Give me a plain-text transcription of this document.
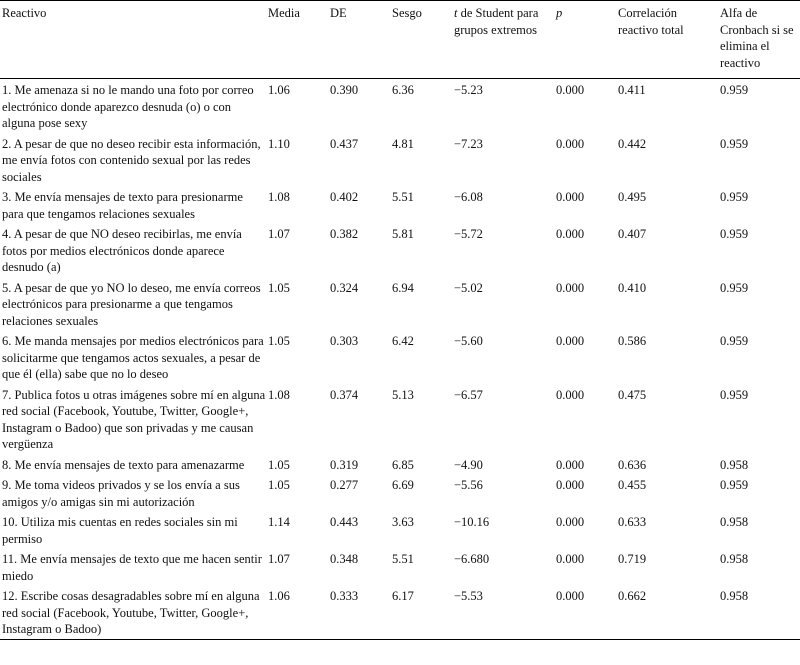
Reactivo	Media	DE	Sesgo	t de Student para grupos extremos	p	Correlación reactivo total	Alfa de Cronbach si se elimina el reactivo
1. Me amenaza si no le mando una foto por correo electrónico donde aparezco desnuda (o) o con alguna pose sexy	1.06	0.390	6.36	−5.23	0.000	0.411	0.959
2. A pesar de que no deseo recibir esta información, me envía fotos con contenido sexual por las redes sociales	1.10	0.437	4.81	−7.23	0.000	0.442	0.959
3. Me envía mensajes de texto para presionarme para que tengamos relaciones sexuales	1.08	0.402	5.51	−6.08	0.000	0.495	0.959
4. A pesar de que NO deseo recibirlas, me envía fotos por medios electrónicos donde aparece desnudo (a)	1.07	0.382	5.81	−5.72	0.000	0.407	0.959
5. A pesar de que yo NO lo deseo, me envía correos electrónicos para presionarme a que tengamos relaciones sexuales	1.05	0.324	6.94	−5.02	0.000	0.410	0.959
6. Me manda mensajes por medios electrónicos para solicitarme que tengamos actos sexuales, a pesar de que él (ella) sabe que no lo deseo	1.05	0.303	6.42	−5.60	0.000	0.586	0.959
7. Publica fotos u otras imágenes sobre mí en alguna red social (Facebook, Youtube, Twitter, Google+, Instagram o Badoo) que son privadas y me causan vergüenza	1.08	0.374	5.13	−6.57	0.000	0.475	0.959
8. Me envía mensajes de texto para amenazarme	1.05	0.319	6.85	−4.90	0.000	0.636	0.958
9. Me toma videos privados y se los envía a sus amigos y/o amigas sin mi autorización	1.05	0.277	6.69	−5.56	0.000	0.455	0.959
10. Utiliza mis cuentas en redes sociales sin mi permiso	1.14	0.443	3.63	−10.16	0.000	0.633	0.958
11. Me envía mensajes de texto que me hacen sentir miedo	1.07	0.348	5.51	−6.680	0.000	0.719	0.958
12. Escribe cosas desagradables sobre mí en alguna red social (Facebook, Youtube, Twitter, Google+, Instagram o Badoo)	1.06	0.333	6.17	−5.53	0.000	0.662	0.958
